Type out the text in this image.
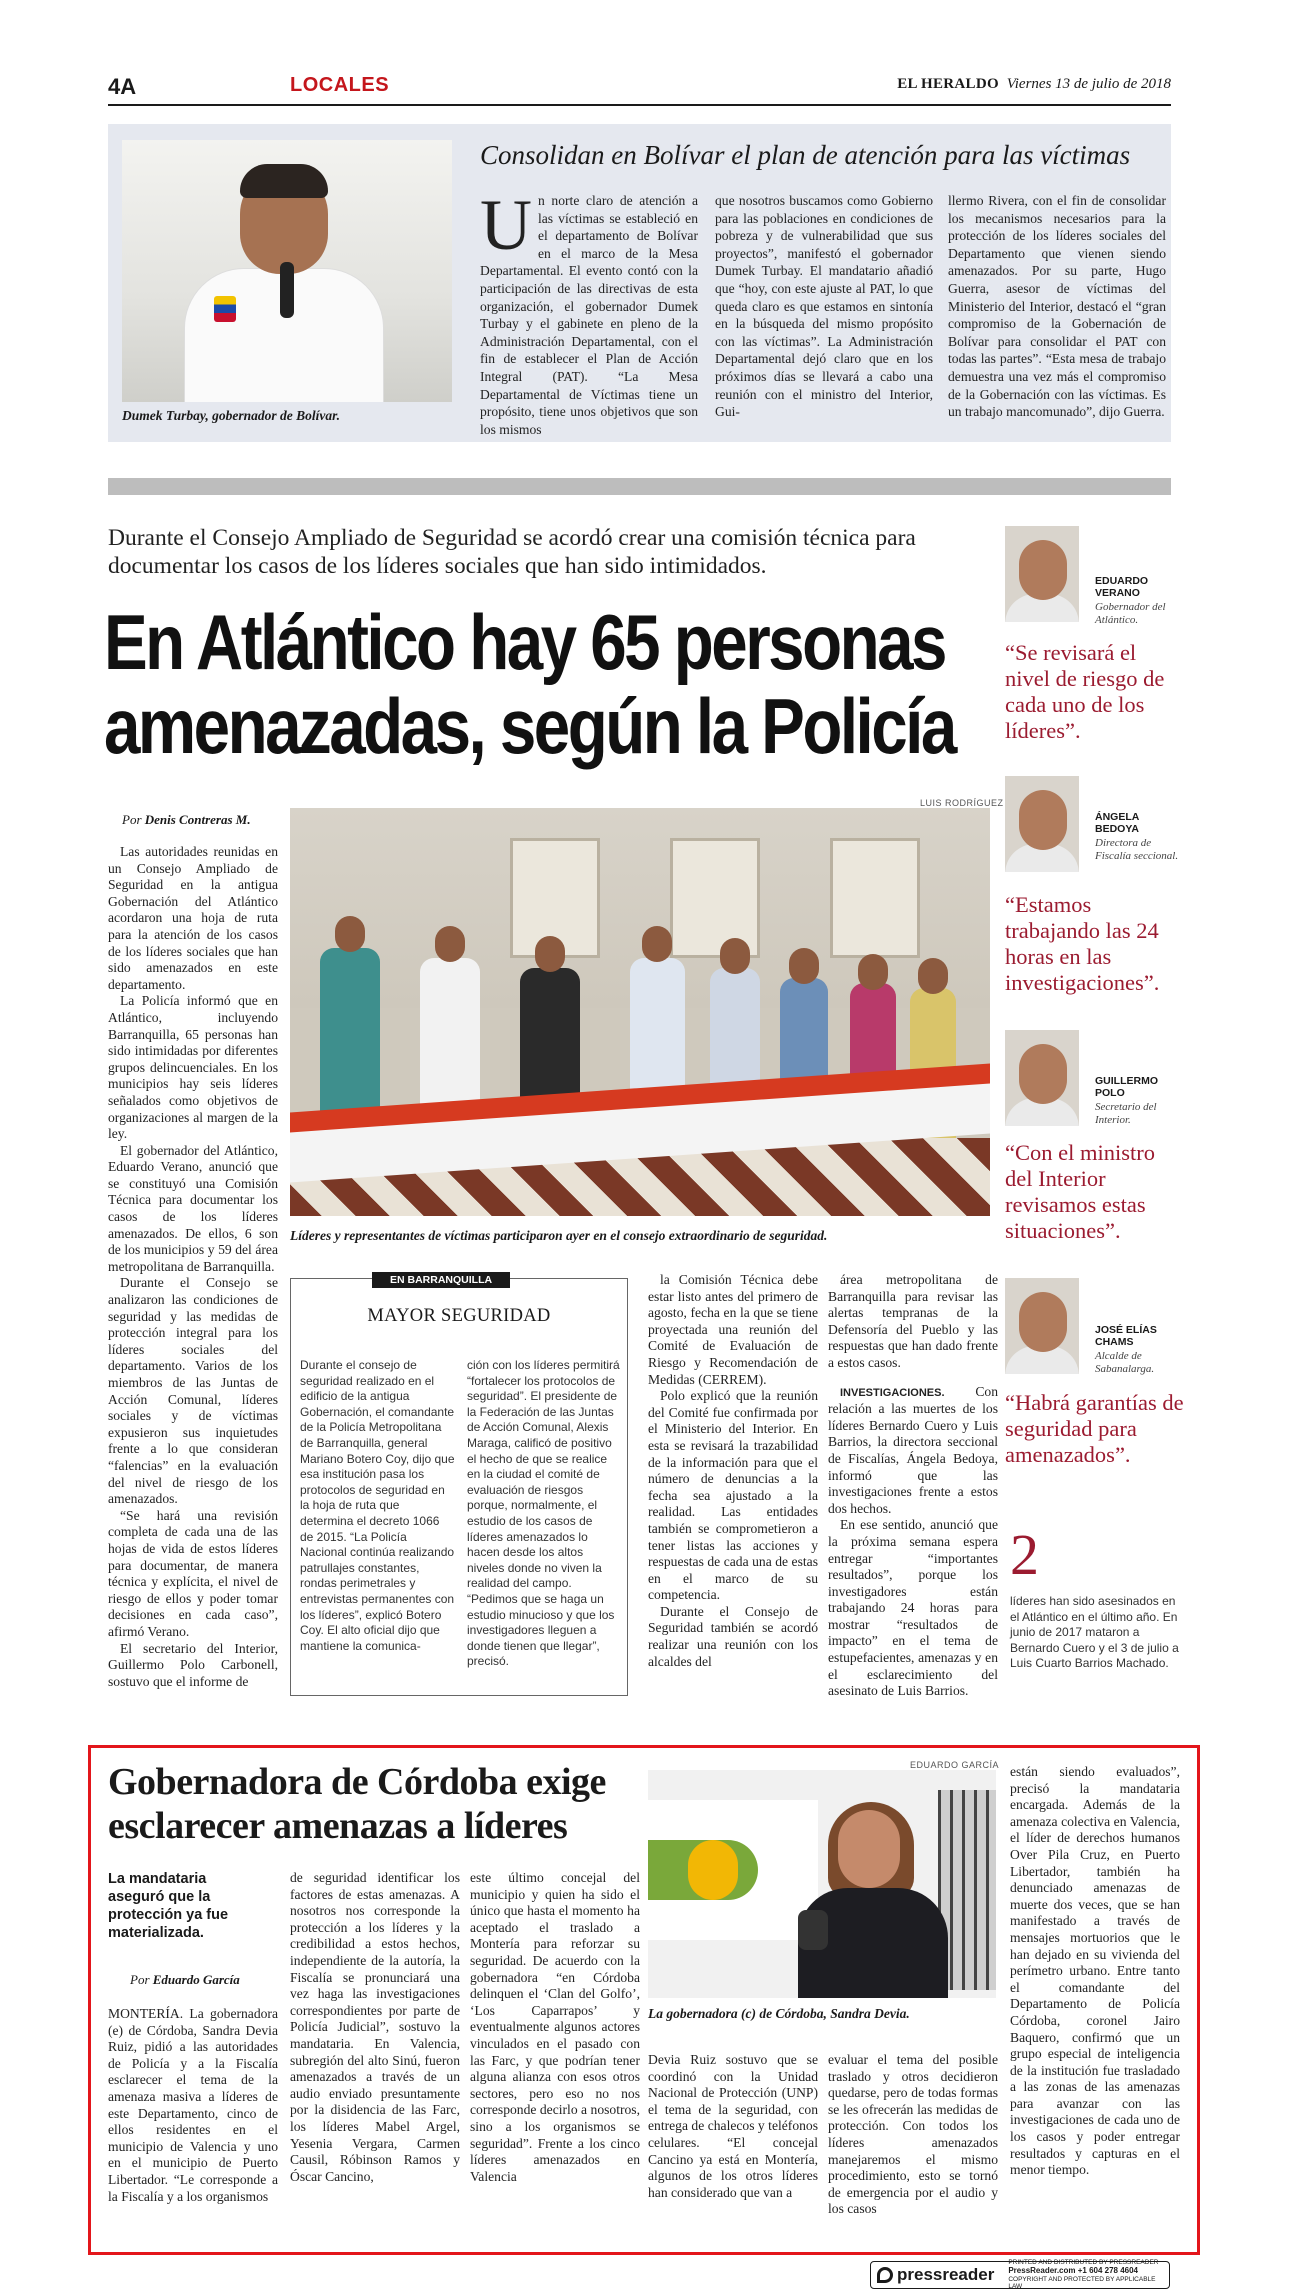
4A	LOCALES	EL HERALDO Viernes 13 de julio de 2018
Dumek Turbay, gobernador de Bolívar.
Consolidan en Bolívar el plan de atención para las víctimas
Un norte claro de atención a las víctimas se estableció en el departamento de Bolívar en el marco de la Mesa Departamental. El evento contó con la participación de las directivas de esta organización, el gobernador Dumek Turbay y el gabinete en pleno de la Administración Departamental, con el fin de establecer el Plan de Acción Integral (PAT). “La Mesa Departamental de Víctimas tiene un propósito, tiene unos objetivos que son los mismos
que nosotros buscamos como Gobierno para las poblaciones en condiciones de pobreza y de vulnerabilidad que sus proyectos”, manifestó el gobernador Dumek Turbay. El mandatario añadió que “hoy, con este ajuste al PAT, lo que queda claro es que estamos en sintonía en la búsqueda del mismo propósito con las víctimas”. La Administración Departamental dejó claro que en los próximos días se llevará a cabo una reunión con el ministro del Interior, Gui-
llermo Rivera, con el fin de consolidar los mecanismos necesarios para la protección de los líderes sociales del Departamento que vienen siendo amenazados. Por su parte, Hugo Guerra, asesor de víctimas del Ministerio del Interior, destacó el “gran compromiso de la Gobernación de Bolívar para consolidar el PAT con todas las partes”. “Esta mesa de trabajo demuestra una vez más el compromiso de la Gobernación con las víctimas. Es un trabajo mancomunado”, dijo Guerra.
Durante el Consejo Ampliado de Seguridad se acordó crear una comisión técnica para documentar los casos de los líderes sociales que han sido intimidados.
En Atlántico hay 65 personas
amenazadas, según la Policía
LUIS RODRÍGUEZ
Por Denis Contreras M.

Las autoridades reunidas en un Consejo Ampliado de Seguridad en la antigua Gobernación del Atlántico acordaron una hoja de ruta para la atención de los casos de los líderes sociales que han sido amenazados en este departamento.

La Policía informó que en Atlántico, incluyendo Barranquilla, 65 personas han sido intimidadas por diferentes grupos delincuenciales. En los municipios hay seis líderes señalados como objetivos de organizaciones al margen de la ley.

El gobernador del Atlántico, Eduardo Verano, anunció que se constituyó una Comisión Técnica para documentar los casos de los líderes amenazados. De ellos, 6 son de los municipios y 59 del área metropolitana de Barranquilla.

Durante el Consejo se analizaron las condiciones de seguridad y las medidas de protección integral para los líderes sociales del departamento. Varios de los miembros de las Juntas de Acción Comunal, líderes sociales y de víctimas expusieron sus inquietudes frente a lo que consideran “falencias” en la evaluación del nivel de riesgo de los amenazados.

“Se hará una revisión completa de cada una de las hojas de vida de estos líderes para documentar, de manera técnica y explícita, el nivel de riesgo de ellos y poder tomar decisiones en cada caso”, afirmó Verano.

El secretario del Interior, Guillermo Polo Carbonell, sostuvo que el informe de

Líderes y representantes de víctimas participaron ayer en el consejo extraordinario de seguridad.
EN BARRANQUILLA
MAYOR SEGURIDAD
Durante el consejo de seguridad realizado en el edificio de la antigua Gobernación, el comandante de la Policía Metropolitana de Barranquilla, general Mariano Botero Coy, dijo que esa institución pasa los protocolos de seguridad en la hoja de ruta que determina el decreto 1066 de 2015. “La Policía Nacional continúa realizando patrullajes constantes, rondas perimetrales y entrevistas permanentes con los líderes”, explicó Botero Coy. El alto oficial dijo que mantiene la comunica-
ción con los líderes permitirá “fortalecer los protocolos de seguridad”. El presidente de la Federación de las Juntas de Acción Comunal, Alexis Maraga, calificó de positivo el hecho de que se realice en la ciudad el comité de evaluación de riesgos porque, normalmente, el estudio de los casos de líderes amenazados lo hacen desde los altos niveles donde no viven la realidad del campo. “Pedimos que se haga un estudio minucioso y que los investigadores lleguen a donde tienen que llegar”, precisó.

la Comisión Técnica debe estar listo antes del primero de agosto, fecha en la que se tiene proyectada una reunión del Comité de Evaluación de Riesgo y Recomendación de Medidas (CERREM).

Polo explicó que la reunión del Comité fue confirmada por el Ministerio del Interior. En esta se revisará la trazabilidad de la información para que el número de denuncias a la fecha sea ajustado a la realidad. Las entidades también se comprometieron a tener listas las acciones y respuestas de cada una de estas en el marco de su competencia.

Durante el Consejo de Seguridad también se acordó realizar una reunión con los alcaldes del

área metropolitana de Barranquilla para revisar las alertas tempranas de la Defensoría del Pueblo y las respuestas que han dado frente a estos casos.

INVESTIGACIONES. Con relación a las muertes de los líderes Bernardo Cuero y Luis Barrios, la directora seccional de Fiscalías, Ángela Bedoya, informó que las investigaciones frente a estos dos hechos.

En ese sentido, anunció que la próxima semana espera entregar “importantes resultados”, porque los investigadores están trabajando 24 horas para mostrar “resultados de impacto” en el tema de estupefacientes, amenazas y en el esclarecimiento del asesinato de Luis Barrios.

EDUARDO VERANO
Gobernador del Atlántico.
“Se revisará el nivel de riesgo de cada uno de los líderes”.
ÁNGELA BEDOYA
Directora de Fiscalía seccional.
“Estamos trabajando las 24 horas en las investigaciones”.
GUILLERMO POLO
Secretario del Interior.
“Con el ministro del Interior revisamos estas situaciones”.
JOSÉ ELÍAS CHAMS
Alcalde de Sabanalarga.
“Habrá garantías de seguridad para amenazados”.
2
líderes han sido asesinados en el Atlántico en el último año. En junio de 2017 mataron a Bernardo Cuero y el 3 de julio a Luis Cuarto Barrios Machado.
Gobernadora de Córdoba exige esclarecer amenazas a líderes
EDUARDO GARCÍA
La gobernadora (c) de Córdoba, Sandra Devia.
La mandataria aseguró que la protección ya fue materializada.
Por Eduardo García
MONTERÍA. La gobernadora (e) de Córdoba, Sandra Devia Ruiz, pidió a las autoridades de Policía y a la Fiscalía esclarecer el tema de la amenaza masiva a líderes de este Departamento, cinco de ellos residentes en el municipio de Valencia y uno en el municipio de Puerto Libertador. “Le corresponde a la Fiscalía y a los organismos
de seguridad identificar los factores de estas amenazas. A nosotros nos corresponde la protección a los líderes y la credibilidad a estos hechos, independiente de la autoría, la Fiscalía se pronunciará una vez haga las investigaciones correspondientes por parte de Policía Judicial”, sostuvo la mandataria. En Valencia, subregión del alto Sinú, fueron amenazados a través de un audio enviado presuntamente por la disidencia de las Farc, los líderes Mabel Argel, Yesenia Vergara, Carmen Causil, Róbinson Ramos y Óscar Cancino,
este último concejal del municipio y quien ha sido el único que hasta el momento ha aceptado el traslado a Montería para reforzar su seguridad. De acuerdo con la gobernadora “en Córdoba delinquen el ‘Clan del Golfo’, ‘Los Caparrapos’ y eventualmente algunos actores vinculados en el pasado con las Farc, y que podrían tener alguna alianza con esos otros sectores, pero eso no nos corresponde decirlo a nosotros, sino a los organismos se seguridad”. Frente a los cinco líderes amenazados en Valencia
Devia Ruiz sostuvo que se coordinó con la Unidad Nacional de Protección (UNP) el tema de la seguridad, con entrega de chalecos y teléfonos celulares. “El concejal Cancino ya está en Montería, algunos de los otros líderes han considerado que van a
evaluar el tema del posible traslado y otros decidieron quedarse, pero de todas formas se les ofrecerán las medidas de protección. Con todos los líderes amenazados manejaremos el mismo procedimiento, esto se tornó de emergencia por el audio y los casos
están siendo evaluados”, precisó la mandataria encargada. Además de la amenaza colectiva en Valencia, el líder de derechos humanos Over Pila Cruz, en Puerto Libertador, también ha denunciado amenazas de muerte dos veces, que se han manifestado a través de mensajes mortuorios que le han dejado en su vivienda del perímetro urbano. Entre tanto el comandante del Departamento de Policía Córdoba, coronel Jairo Baquero, confirmó que un grupo especial de inteligencia de la institución fue trasladado a las zonas de las amenazas para avanzar con las investigaciones de cada uno de los casos y poder entregar resultados y capturas en el menor tiempo.
pressreader
PRINTED AND DISTRIBUTED BY PRESSREADER
PressReader.com +1 604 278 4604
COPYRIGHT AND PROTECTED BY APPLICABLE LAW
